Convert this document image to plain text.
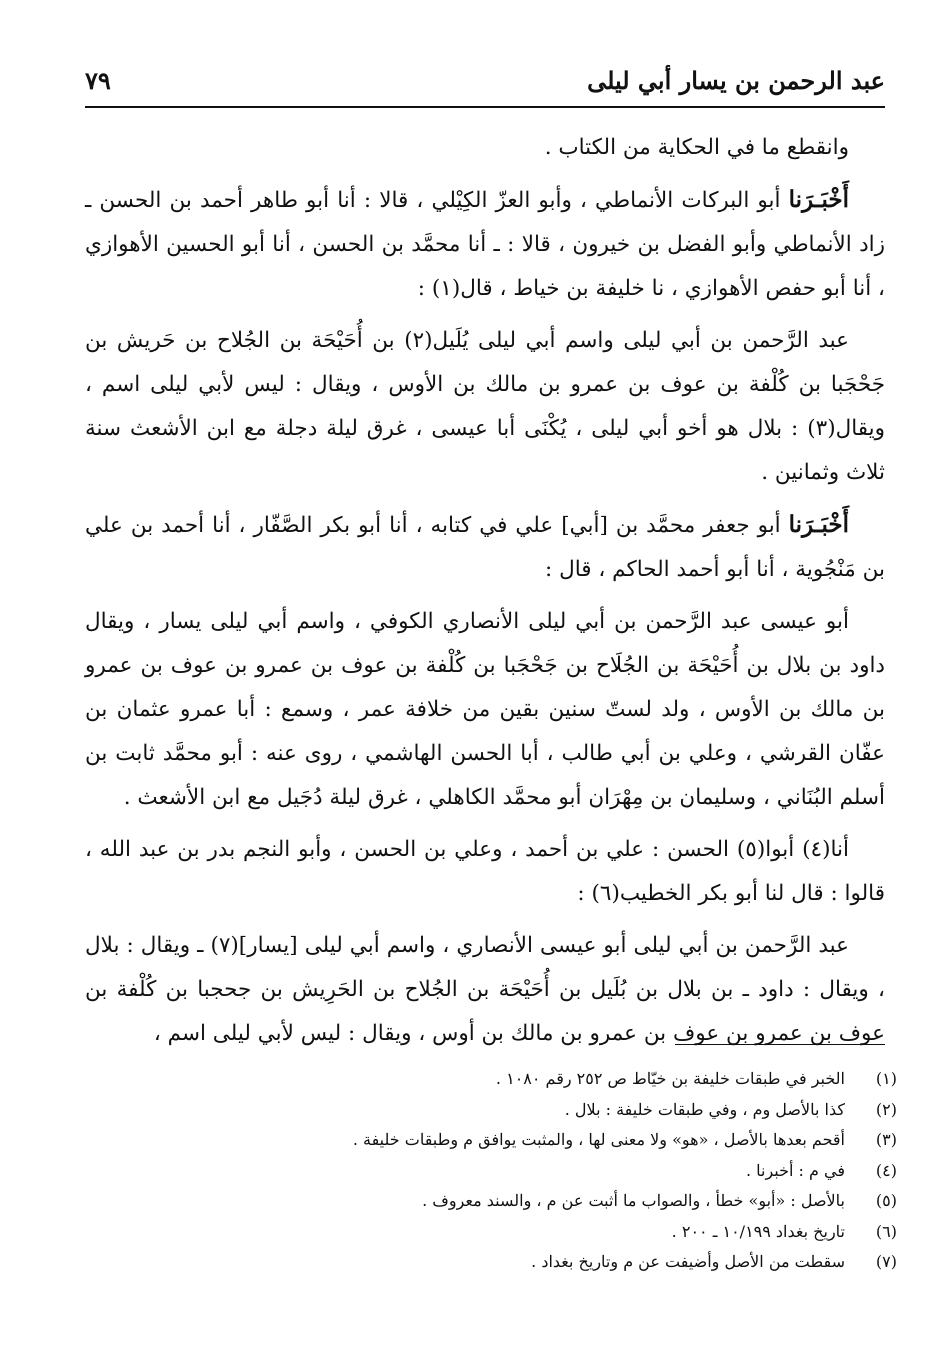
عبد الرحمن بن يسار أبي ليلى
٧٩

وانقطع ما في الحكاية من الكتاب .

أَخْبَـرَنا أبو البركات الأنماطي ، وأبو العزّ الكِيْلي ، قالا : أنا أبو طاهر أحمد بن الحسن ـ زاد الأنماطي وأبو الفضل بن خيرون ، قالا : ـ أنا محمَّد بن الحسن ، أنا أبو الحسين الأهوازي ، أنا أبو حفص الأهوازي ، نا خليفة بن خياط ، قال(١) :

عبد الرَّحمن بن أبي ليلى واسم أبي ليلى يُلَيل(٢) بن أُحَيْحَة بن الجُلاح بن حَريش بن جَحْجَبا بن كُلْفة بن عوف بن عمرو بن مالك بن الأوس ، ويقال : ليس لأبي ليلى اسم ، ويقال(٣) : بلال هو أخو أبي ليلى ، يُكْنَى أبا عيسى ، غرق ليلة دجلة مع ابن الأشعث سنة ثلاث وثمانين .

أَخْبَـرَنا أبو جعفر محمَّد بن [أبي] علي في كتابه ، أنا أبو بكر الصَّفّار ، أنا أحمد بن علي بن مَنْجُوية ، أنا أبو أحمد الحاكم ، قال :

أبو عيسى عبد الرَّحمن بن أبي ليلى الأنصاري الكوفي ، واسم أبي ليلى يسار ، ويقال داود بن بلال بن أُحَيْحَة بن الجُلَاح بن جَحْجَبا بن كُلْفة بن عوف بن عمرو بن عوف بن عمرو بن مالك بن الأوس ، ولد لستّ سنين بقين من خلافة عمر ، وسمع : أبا عمرو عثمان بن عفّان القرشي ، وعلي بن أبي طالب ، أبا الحسن الهاشمي ، روى عنه : أبو محمَّد ثابت بن أسلم البُنَاني ، وسليمان بن مِهْرَان أبو محمَّد الكاهلي ، غرق ليلة دُجَيل مع ابن الأشعث .

أنا(٤) أبوا(٥) الحسن : علي بن أحمد ، وعلي بن الحسن ، وأبو النجم بدر بن عبد الله ، قالوا : قال لنا أبو بكر الخطيب(٦) :

عبد الرَّحمن بن أبي ليلى أبو عيسى الأنصاري ، واسم أبي ليلى [يسار](٧) ـ ويقال : بلال ، ويقال : داود ـ بن بلال بن بُلَيل بن أُحَيْحَة بن الجُلاح بن الحَرِيش بن جحجبا بن كُلْفة بن عوف بن عمرو بن عوف بن عمرو بن مالك بن أوس ، ويقال : ليس لأبي ليلى اسم ،

(١)
الخبر في طبقات خليفة بن خيّاط ص ٢٥٢ رقم ١٠٨٠ .
(٢)
كذا بالأصل وم ، وفي طبقات خليفة : بلال .
(٣)
أقحم بعدها بالأصل ، «هو» ولا معنى لها ، والمثبت يوافق م وطبقات خليفة .
(٤)
في م : أخبرنا .
(٥)
بالأصل : «أبو» خطأ ، والصواب ما أثبت عن م ، والسند معروف .
(٦)
تاريخ بغداد ١٠/١٩٩ ـ ٢٠٠ .
(٧)
سقطت من الأصل وأضيفت عن م وتاريخ بغداد .
